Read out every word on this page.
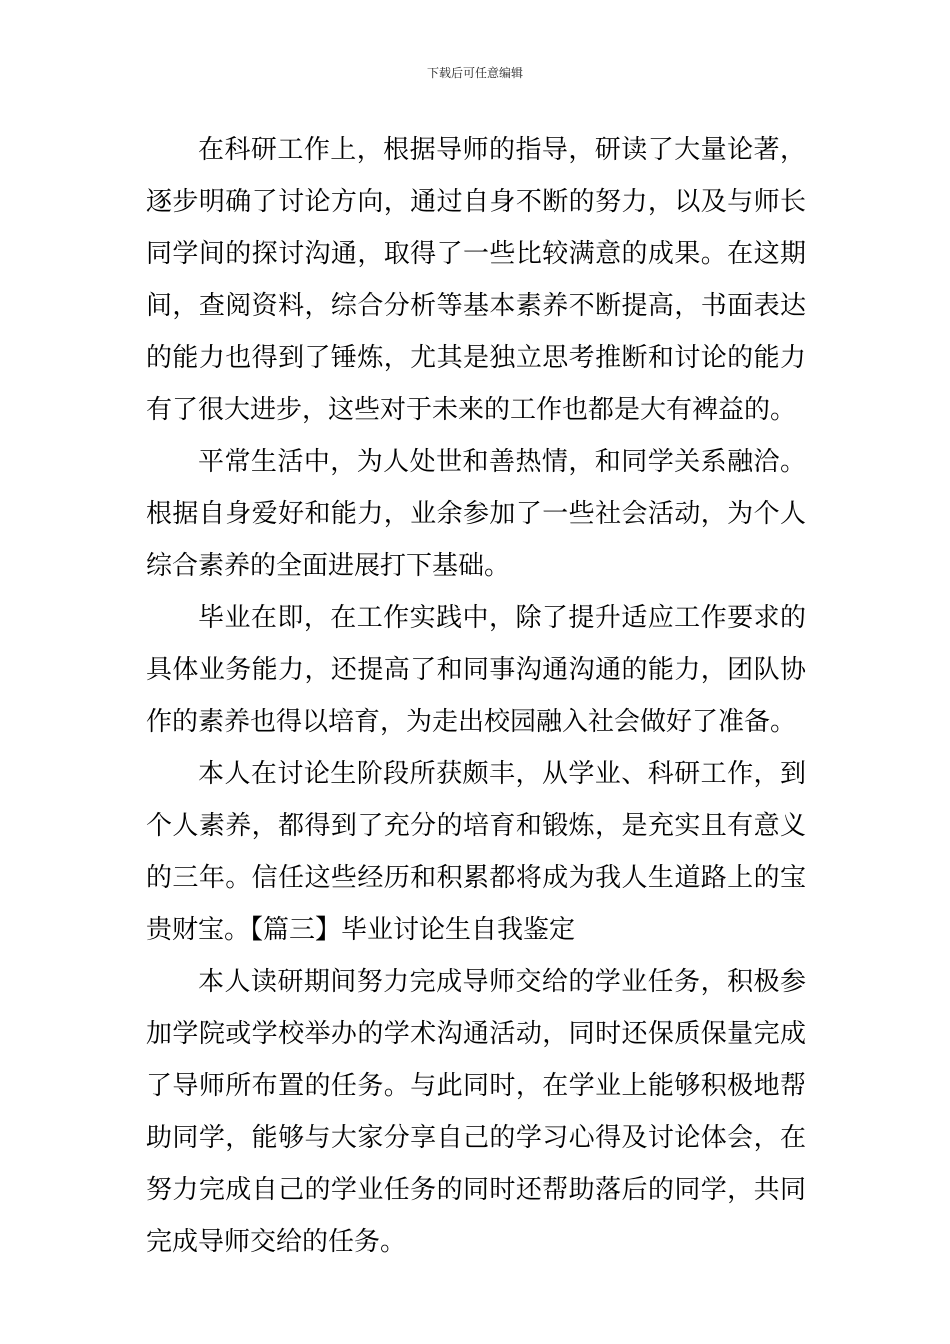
下载后可任意编辑

在科研工作上，根据导师的指导，研读了大量论著，逐步明确了讨论方向，通过自身不断的努力，以及与师长同学间的探讨沟通，取得了一些比较满意的成果。在这期间，查阅资料，综合分析等基本素养不断提高，书面表达的能力也得到了锤炼，尤其是独立思考推断和讨论的能力有了很大进步，这些对于未来的工作也都是大有裨益的。

平常生活中，为人处世和善热情，和同学关系融洽。根据自身爱好和能力，业余参加了一些社会活动，为个人综合素养的全面进展打下基础。

毕业在即，在工作实践中，除了提升适应工作要求的具体业务能力，还提高了和同事沟通沟通的能力，团队协作的素养也得以培育，为走出校园融入社会做好了准备。

本人在讨论生阶段所获颇丰，从学业、科研工作，到个人素养，都得到了充分的培育和锻炼，是充实且有意义的三年。信任这些经历和积累都将成为我人生道路上的宝贵财宝。【篇三】毕业讨论生自我鉴定

本人读研期间努力完成导师交给的学业任务，积极参加学院或学校举办的学术沟通活动，同时还保质保量完成了导师所布置的任务。与此同时，在学业上能够积极地帮助同学，能够与大家分享自己的学习心得及讨论体会，在努力完成自己的学业任务的同时还帮助落后的同学，共同完成导师交给的任务。
